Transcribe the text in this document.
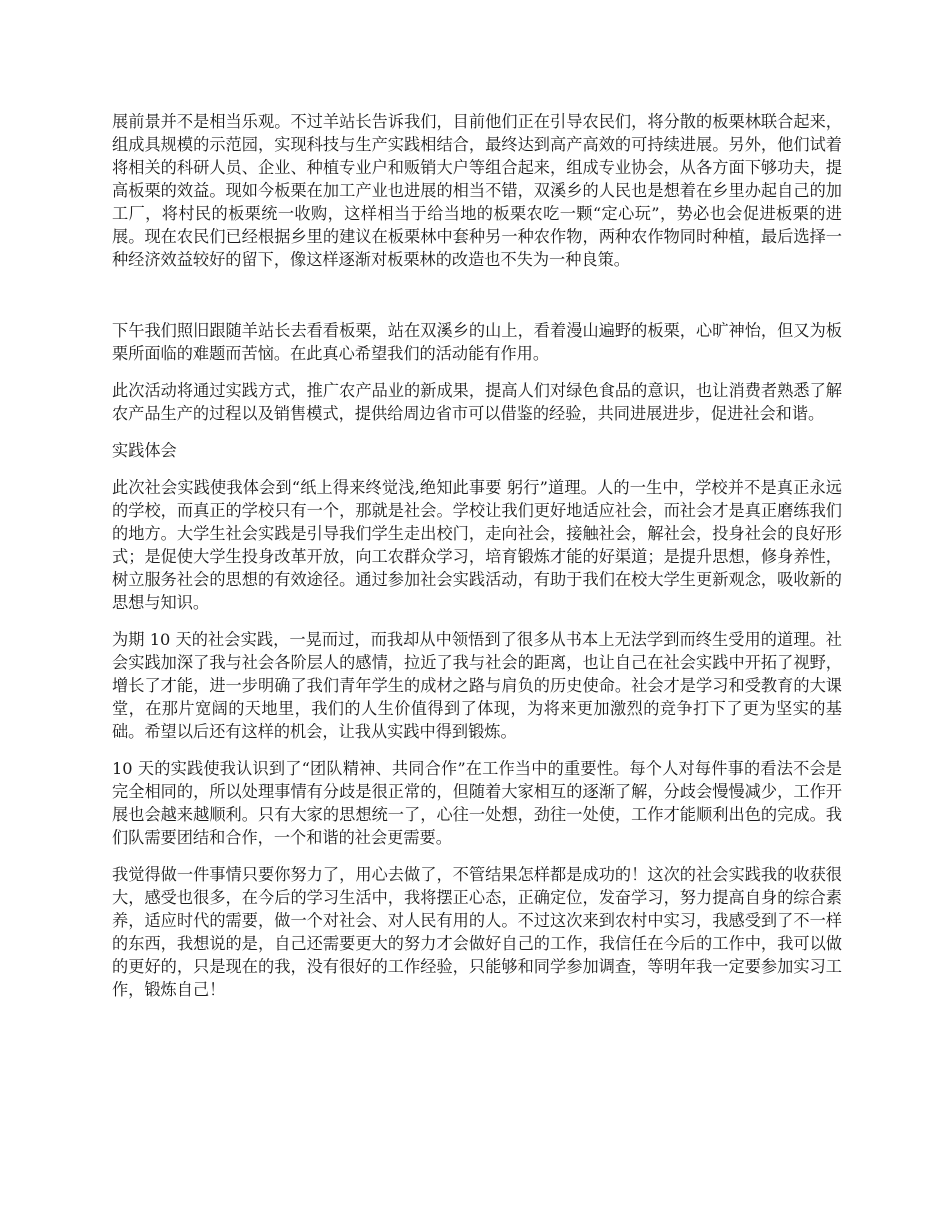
展前景并不是相当乐观。不过羊站长告诉我们，目前他们正在引导农民们，将分散的板栗林联合起来，组成具规模的示范园，实现科技与生产实践相结合，最终达到高产高效的可持续进展。另外，他们试着将相关的科研人员、企业、种植专业户和贩销大户等组合起来，组成专业协会，从各方面下够功夫，提高板栗的效益。现如今板栗在加工产业也进展的相当不错，双溪乡的人民也是想着在乡里办起自己的加工厂，将村民的板栗统一收购，这样相当于给当地的板栗农吃一颗“定心玩”，势必也会促进板栗的进展。现在农民们已经根据乡里的建议在板栗林中套种另一种农作物，两种农作物同时种植，最后选择一种经济效益较好的留下，像这样逐渐对板栗林的改造也不失为一种良策。

下午我们照旧跟随羊站长去看看板栗，站在双溪乡的山上，看着漫山遍野的板栗，心旷神怡，但又为板栗所面临的难题而苦恼。在此真心希望我们的活动能有作用。

此次活动将通过实践方式，推广农产品业的新成果，提高人们对绿色食品的意识，也让消费者熟悉了解农产品生产的过程以及销售模式，提供给周边省市可以借鉴的经验，共同进展进步，促进社会和谐。

实践体会

此次社会实践使我体会到“纸上得来终觉浅,绝知此事要 躬行”道理。人的一生中，学校并不是真正永远的学校，而真正的学校只有一个，那就是社会。学校让我们更好地适应社会，而社会才是真正磨练我们的地方。大学生社会实践是引导我们学生走出校门，走向社会，接触社会，解社会，投身社会的良好形式；是促使大学生投身改革开放，向工农群众学习，培育锻炼才能的好渠道；是提升思想，修身养性，树立服务社会的思想的有效途径。通过参加社会实践活动，有助于我们在校大学生更新观念，吸收新的思想与知识。

为期 10 天的社会实践，一晃而过，而我却从中领悟到了很多从书本上无法学到而终生受用的道理。社会实践加深了我与社会各阶层人的感情，拉近了我与社会的距离，也让自己在社会实践中开拓了视野，增长了才能，进一步明确了我们青年学生的成材之路与肩负的历史使命。社会才是学习和受教育的大课堂，在那片宽阔的天地里，我们的人生价值得到了体现，为将来更加激烈的竞争打下了更为坚实的基础。希望以后还有这样的机会，让我从实践中得到锻炼。

10 天的实践使我认识到了“团队精神、共同合作”在工作当中的重要性。每个人对每件事的看法不会是完全相同的，所以处理事情有分歧是很正常的，但随着大家相互的逐渐了解，分歧会慢慢减少，工作开展也会越来越顺利。只有大家的思想统一了，心往一处想，劲往一处使，工作才能顺利出色的完成。我们队需要团结和合作，一个和谐的社会更需要。

我觉得做一件事情只要你努力了，用心去做了，不管结果怎样都是成功的！这次的社会实践我的收获很大，感受也很多，在今后的学习生活中，我将摆正心态，正确定位，发奋学习，努力提高自身的综合素养，适应时代的需要，做一个对社会、对人民有用的人。不过这次来到农村中实习，我感受到了不一样的东西，我想说的是，自己还需要更大的努力才会做好自己的工作，我信任在今后的工作中，我可以做的更好的，只是现在的我，没有很好的工作经验，只能够和同学参加调查，等明年我一定要参加实习工作，锻炼自己！
